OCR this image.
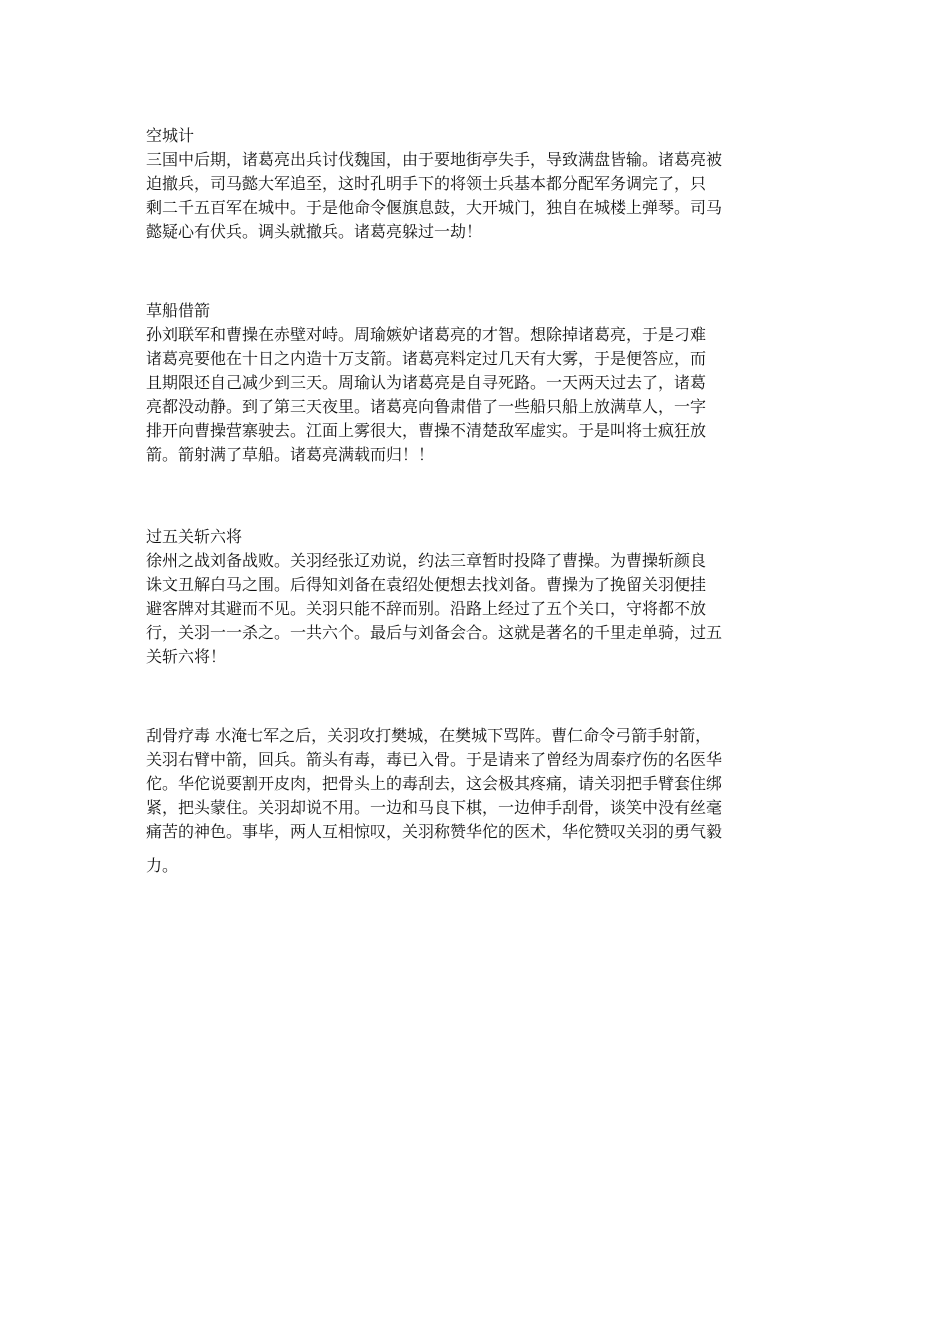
空城计
三国中后期，诸葛亮出兵讨伐魏国，由于要地街亭失手，导致满盘皆输。诸葛亮被
迫撤兵，司马懿大军追至，这时孔明手下的将领士兵基本都分配军务调完了，只
剩二千五百军在城中。于是他命令偃旗息鼓，大开城门，独自在城楼上弹琴。司马
懿疑心有伏兵。调头就撤兵。诸葛亮躲过一劫！
草船借箭
孙刘联军和曹操在赤壁对峙。周瑜嫉妒诸葛亮的才智。想除掉诸葛亮，于是刁难
诸葛亮要他在十日之内造十万支箭。诸葛亮料定过几天有大雾，于是便答应，而
且期限还自己减少到三天。周瑜认为诸葛亮是自寻死路。一天两天过去了，诸葛
亮都没动静。到了第三天夜里。诸葛亮向鲁肃借了一些船只船上放满草人，一字
排开向曹操营寨驶去。江面上雾很大，曹操不清楚敌军虚实。于是叫将士疯狂放
箭。箭射满了草船。诸葛亮满载而归！！
过五关斩六将
徐州之战刘备战败。关羽经张辽劝说，约法三章暂时投降了曹操。为曹操斩颜良
诛文丑解白马之围。后得知刘备在袁绍处便想去找刘备。曹操为了挽留关羽便挂
避客牌对其避而不见。关羽只能不辞而别。沿路上经过了五个关口，守将都不放
行，关羽一一杀之。一共六个。最后与刘备会合。这就是著名的千里走单骑，过五
关斩六将！
刮骨疗毒 水淹七军之后，关羽攻打樊城，在樊城下骂阵。曹仁命令弓箭手射箭，
关羽右臂中箭，回兵。箭头有毒，毒已入骨。于是请来了曾经为周泰疗伤的名医华
佗。华佗说要割开皮肉，把骨头上的毒刮去，这会极其疼痛，请关羽把手臂套住绑
紧，把头蒙住。关羽却说不用。一边和马良下棋，一边伸手刮骨，谈笑中没有丝毫
痛苦的神色。事毕，两人互相惊叹，关羽称赞华佗的医术，华佗赞叹关羽的勇气毅
力。
